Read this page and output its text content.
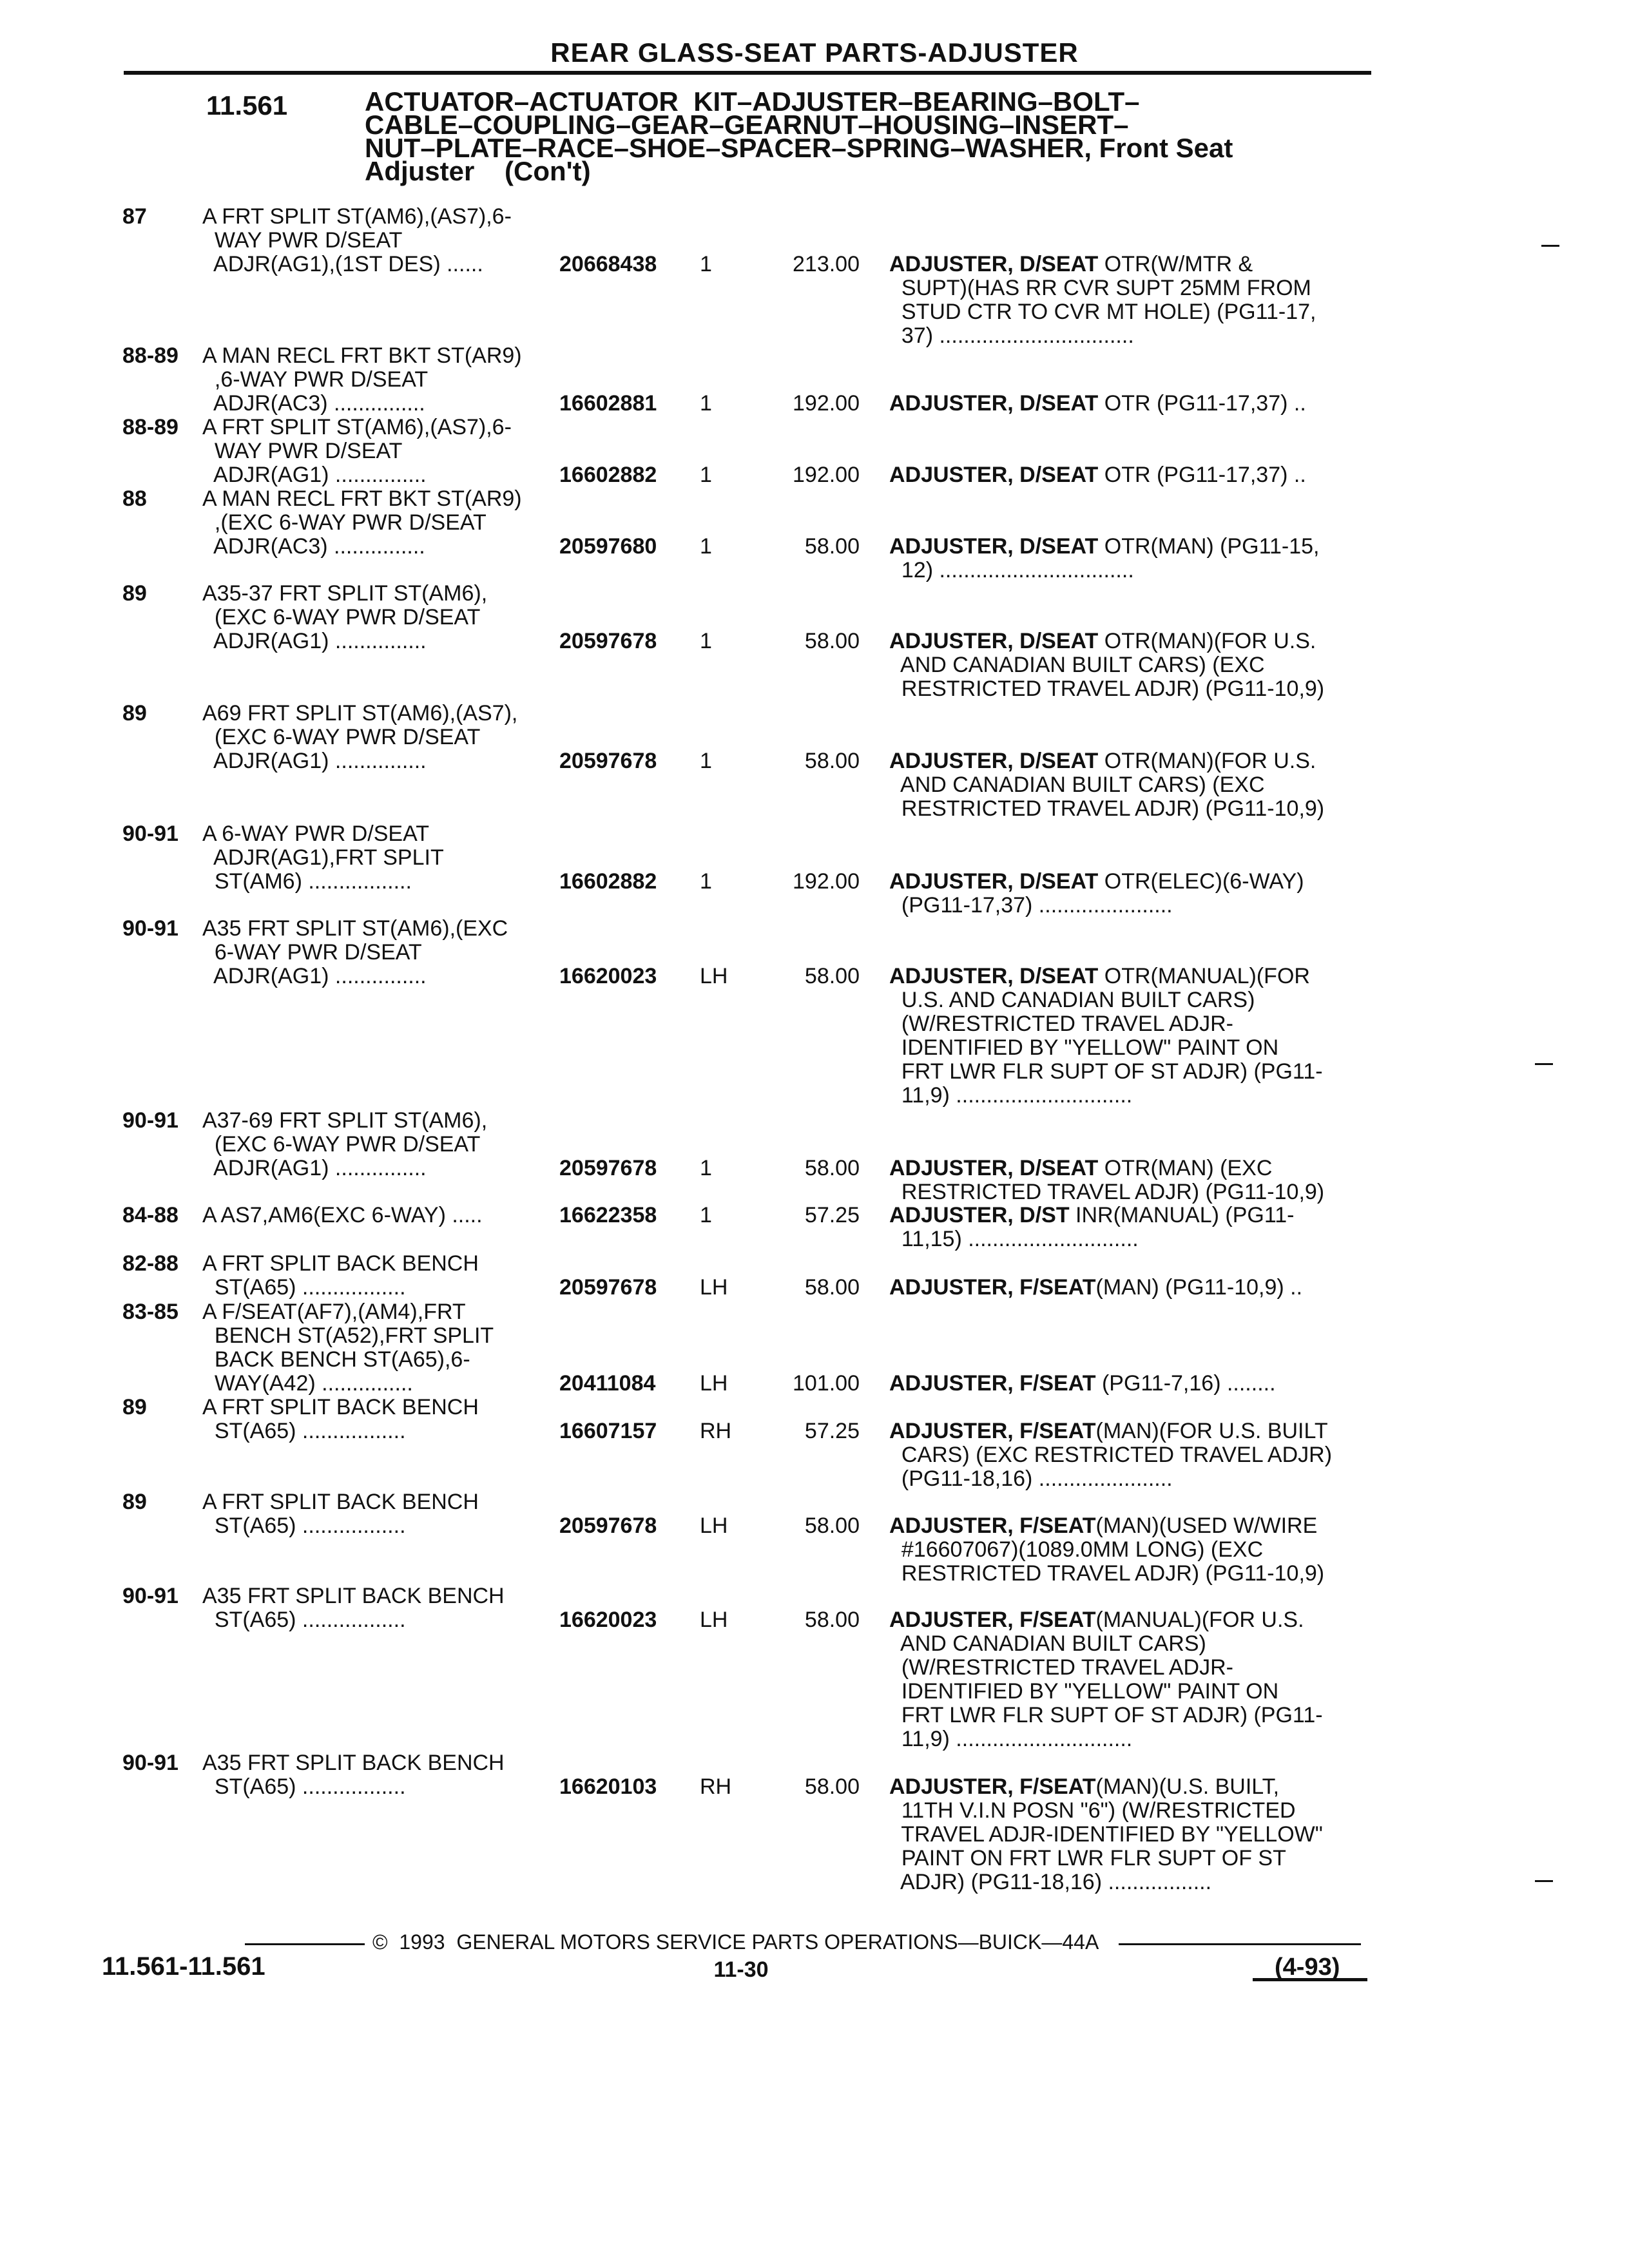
REAR GLASS-SEAT PARTS-ADJUSTER
11.561	ACTUATOR–ACTUATOR  KIT–ADJUSTER–BEARING–BOLT–
CABLE–COUPLING–GEAR–GEARNUT–HOUSING–INSERT–
NUT–PLATE–RACE–SHOE–SPACER–SPRING–WASHER, Front Seat
Adjuster    (Con't)
87	A FRT SPLIT ST(AM6),(AS7),6-
WAY PWR D/SEAT
ADJR(AG1),(1ST DES) ......	20668438 1	213.00 ADJUSTER, D/SEAT OTR(W/MTR &
SUPT)(HAS RR CVR SUPT 25MM FROM
STUD CTR TO CVR MT HOLE) (PG11-17,
37) ................................
88-89 A MAN RECL FRT BKT ST(AR9)
,6-WAY PWR D/SEAT
ADJR(AC3) ...............	16602881 1	192.00 ADJUSTER, D/SEAT OTR (PG11-17,37) ..
88-89 A FRT SPLIT ST(AM6),(AS7),6-
WAY PWR D/SEAT
ADJR(AG1) ...............	16602882 1	192.00 ADJUSTER, D/SEAT OTR (PG11-17,37) ..
88	A MAN RECL FRT BKT ST(AR9)
,(EXC 6-WAY PWR D/SEAT
ADJR(AC3) ...............	20597680 1	58.00 ADJUSTER, D/SEAT OTR(MAN) (PG11-15,
12) ................................
89	A35-37 FRT SPLIT ST(AM6),
(EXC 6-WAY PWR D/SEAT
ADJR(AG1) ...............	20597678 1	58.00 ADJUSTER, D/SEAT OTR(MAN)(FOR U.S.
AND CANADIAN BUILT CARS) (EXC
RESTRICTED TRAVEL ADJR) (PG11-10,9)
89	A69 FRT SPLIT ST(AM6),(AS7),
(EXC 6-WAY PWR D/SEAT
ADJR(AG1) ...............	20597678 1	58.00 ADJUSTER, D/SEAT OTR(MAN)(FOR U.S.
AND CANADIAN BUILT CARS) (EXC
RESTRICTED TRAVEL ADJR) (PG11-10,9)
90-91 A 6-WAY PWR D/SEAT
ADJR(AG1),FRT SPLIT
ST(AM6) .................	16602882 1	192.00 ADJUSTER, D/SEAT OTR(ELEC)(6-WAY)
(PG11-17,37) ......................
90-91 A35 FRT SPLIT ST(AM6),(EXC
6-WAY PWR D/SEAT
ADJR(AG1) ...............	16620023 LH	58.00 ADJUSTER, D/SEAT OTR(MANUAL)(FOR
U.S. AND CANADIAN BUILT CARS)
(W/RESTRICTED TRAVEL ADJR-
IDENTIFIED BY "YELLOW" PAINT ON
FRT LWR FLR SUPT OF ST ADJR) (PG11-
11,9) .............................
90-91 A37-69 FRT SPLIT ST(AM6),
(EXC 6-WAY PWR D/SEAT
ADJR(AG1) ...............	20597678 1	58.00 ADJUSTER, D/SEAT OTR(MAN) (EXC
RESTRICTED TRAVEL ADJR) (PG11-10,9)
84-88 A AS7,AM6(EXC 6-WAY) .....	16622358 1	57.25 ADJUSTER, D/ST INR(MANUAL) (PG11-
11,15) ............................
82-88 A FRT SPLIT BACK BENCH
ST(A65) .................	20597678 LH	58.00 ADJUSTER, F/SEAT(MAN) (PG11-10,9) ..
83-85 A F/SEAT(AF7),(AM4),FRT
BENCH ST(A52),FRT SPLIT
BACK BENCH ST(A65),6-
WAY(A42) ...............	20411084 LH	101.00 ADJUSTER, F/SEAT (PG11-7,16) ........
89	A FRT SPLIT BACK BENCH
ST(A65) .................	16607157 RH	57.25 ADJUSTER, F/SEAT(MAN)(FOR U.S. BUILT
CARS) (EXC RESTRICTED TRAVEL ADJR)
(PG11-18,16) ......................
89	A FRT SPLIT BACK BENCH
ST(A65) .................	20597678 LH	58.00 ADJUSTER, F/SEAT(MAN)(USED W/WIRE
#16607067)(1089.0MM LONG) (EXC
RESTRICTED TRAVEL ADJR) (PG11-10,9)
90-91 A35 FRT SPLIT BACK BENCH
ST(A65) .................	16620023 LH	58.00 ADJUSTER, F/SEAT(MANUAL)(FOR U.S.
AND CANADIAN BUILT CARS)
(W/RESTRICTED TRAVEL ADJR-
IDENTIFIED BY "YELLOW" PAINT ON
FRT LWR FLR SUPT OF ST ADJR) (PG11-
11,9) .............................
90-91 A35 FRT SPLIT BACK BENCH
ST(A65) .................	16620103 RH	58.00 ADJUSTER, F/SEAT(MAN)(U.S. BUILT,
11TH V.I.N POSN "6") (W/RESTRICTED
TRAVEL ADJR-IDENTIFIED BY "YELLOW"
PAINT ON FRT LWR FLR SUPT OF ST
ADJR) (PG11-18,16) .................
©  1993  GENERAL MOTORS SERVICE PARTS OPERATIONS—BUICK—44A
11.561-11.561	11-30	(4-93)
